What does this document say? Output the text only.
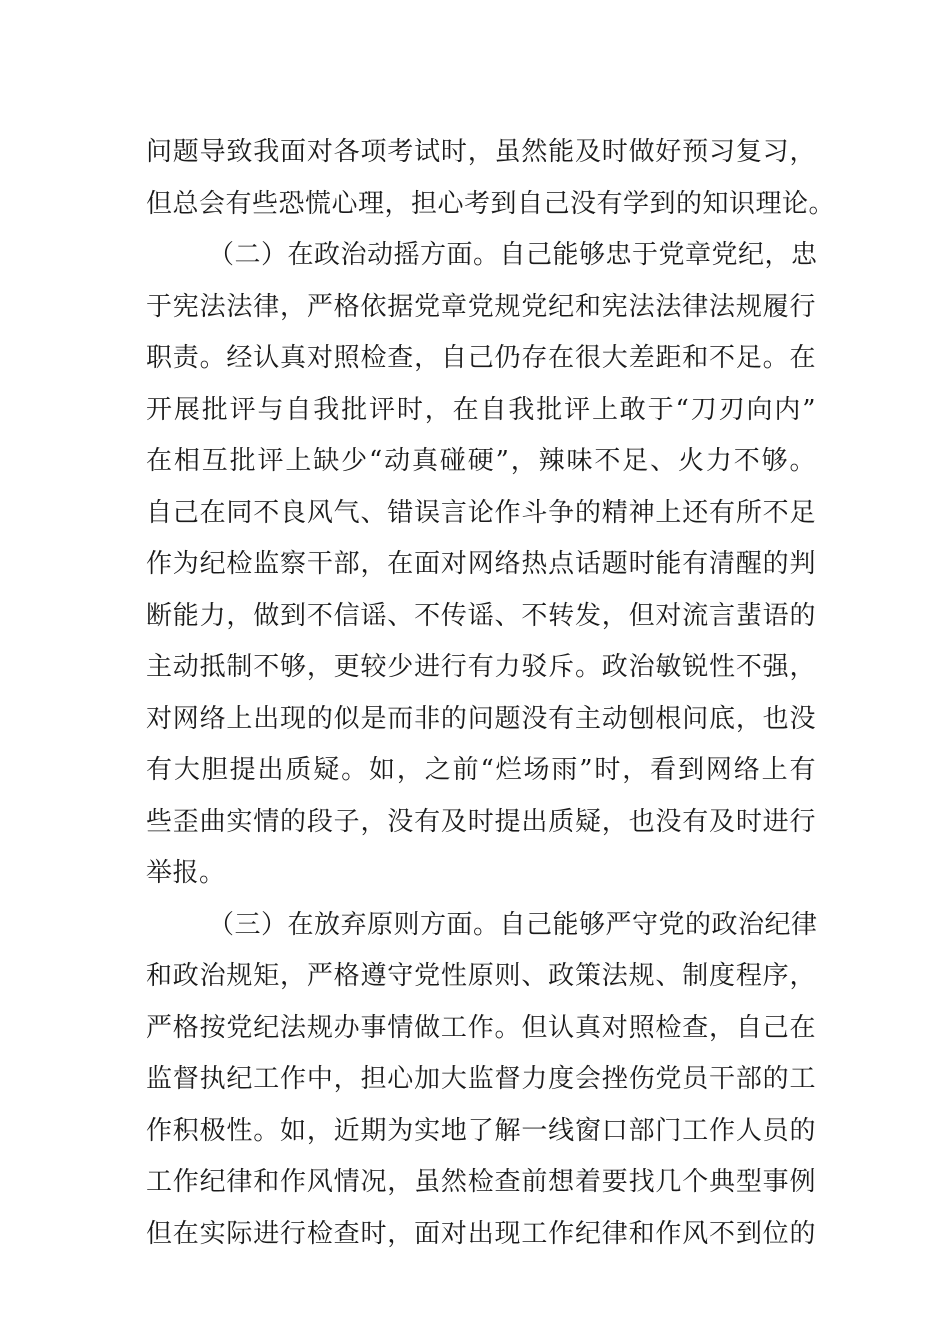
问题导致我面对各项考试时，虽然能及时做好预习复习，
但总会有些恐慌心理，担心考到自己没有学到的知识理论。
（二）在政治动摇方面。自己能够忠于党章党纪，忠
于宪法法律，严格依据党章党规党纪和宪法法律法规履行
职责。经认真对照检查，自己仍存在很大差距和不足。在
开展批评与自我批评时，在自我批评上敢于“刀刃向内”
在相互批评上缺少“动真碰硬”，辣味不足、火力不够。
自己在同不良风气、错误言论作斗争的精神上还有所不足
作为纪检监察干部，在面对网络热点话题时能有清醒的判
断能力，做到不信谣、不传谣、不转发，但对流言蜚语的
主动抵制不够，更较少进行有力驳斥。政治敏锐性不强，
对网络上出现的似是而非的问题没有主动刨根问底，也没
有大胆提出质疑。如，之前“烂场雨”时，看到网络上有
些歪曲实情的段子，没有及时提出质疑，也没有及时进行
举报。
（三）在放弃原则方面。自己能够严守党的政治纪律
和政治规矩，严格遵守党性原则、政策法规、制度程序，
严格按党纪法规办事情做工作。但认真对照检查，自己在
监督执纪工作中，担心加大监督力度会挫伤党员干部的工
作积极性。如，近期为实地了解一线窗口部门工作人员的
工作纪律和作风情况，虽然检查前想着要找几个典型事例
但在实际进行检查时，面对出现工作纪律和作风不到位的
